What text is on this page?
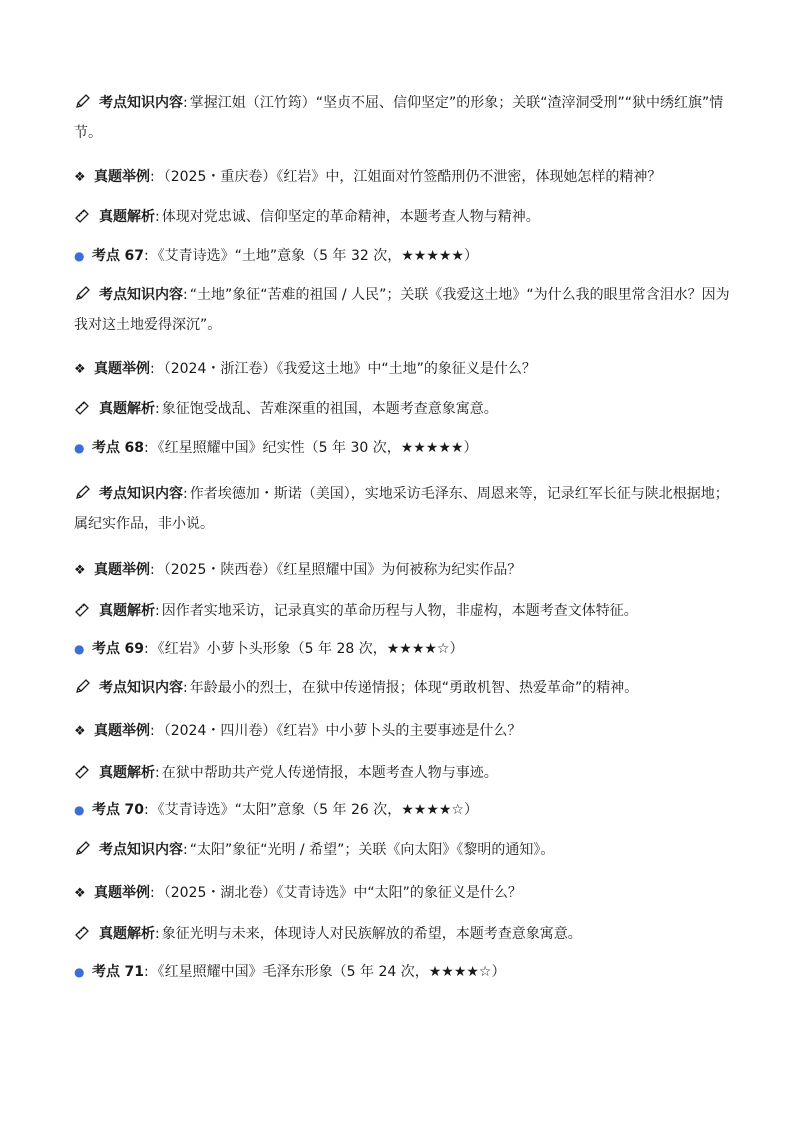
考点知识内容: 掌握江姐（江竹筠）“坚贞不屈、信仰坚定”的形象；关联“渣滓洞受刑”“狱中绣红旗”情节。
❖ 真题举例: （2025・重庆卷）《红岩》中，江姐面对竹签酷刑仍不泄密，体现她怎样的精神？
真题解析: 体现对党忠诚、信仰坚定的革命精神，本题考查人物与精神。
● 考点 67: 《艾青诗选》“土地”意象（5 年 32 次，★★★★★）
考点知识内容: “土地”象征“苦难的祖国 / 人民”；关联《我爱这土地》“为什么我的眼里常含泪水？因为我对这土地爱得深沉”。
❖ 真题举例: （2024・浙江卷）《我爱这土地》中“土地”的象征义是什么？
真题解析: 象征饱受战乱、苦难深重的祖国，本题考查意象寓意。
● 考点 68: 《红星照耀中国》纪实性（5 年 30 次，★★★★★）
考点知识内容: 作者埃德加・斯诺（美国），实地采访毛泽东、周恩来等，记录红军长征与陕北根据地；属纪实作品，非小说。
❖ 真题举例: （2025・陕西卷）《红星照耀中国》为何被称为纪实作品？
真题解析: 因作者实地采访，记录真实的革命历程与人物，非虚构，本题考查文体特征。
● 考点 69: 《红岩》小萝卜头形象（5 年 28 次，★★★★☆）
考点知识内容: 年龄最小的烈士，在狱中传递情报；体现“勇敢机智、热爱革命”的精神。
❖ 真题举例: （2024・四川卷）《红岩》中小萝卜头的主要事迹是什么？
真题解析: 在狱中帮助共产党人传递情报，本题考查人物与事迹。
● 考点 70: 《艾青诗选》“太阳”意象（5 年 26 次，★★★★☆）
考点知识内容: “太阳”象征“光明 / 希望”；关联《向太阳》《黎明的通知》。
❖ 真题举例: （2025・湖北卷）《艾青诗选》中“太阳”的象征义是什么？
真题解析: 象征光明与未来，体现诗人对民族解放的希望，本题考查意象寓意。
● 考点 71: 《红星照耀中国》毛泽东形象（5 年 24 次，★★★★☆）
